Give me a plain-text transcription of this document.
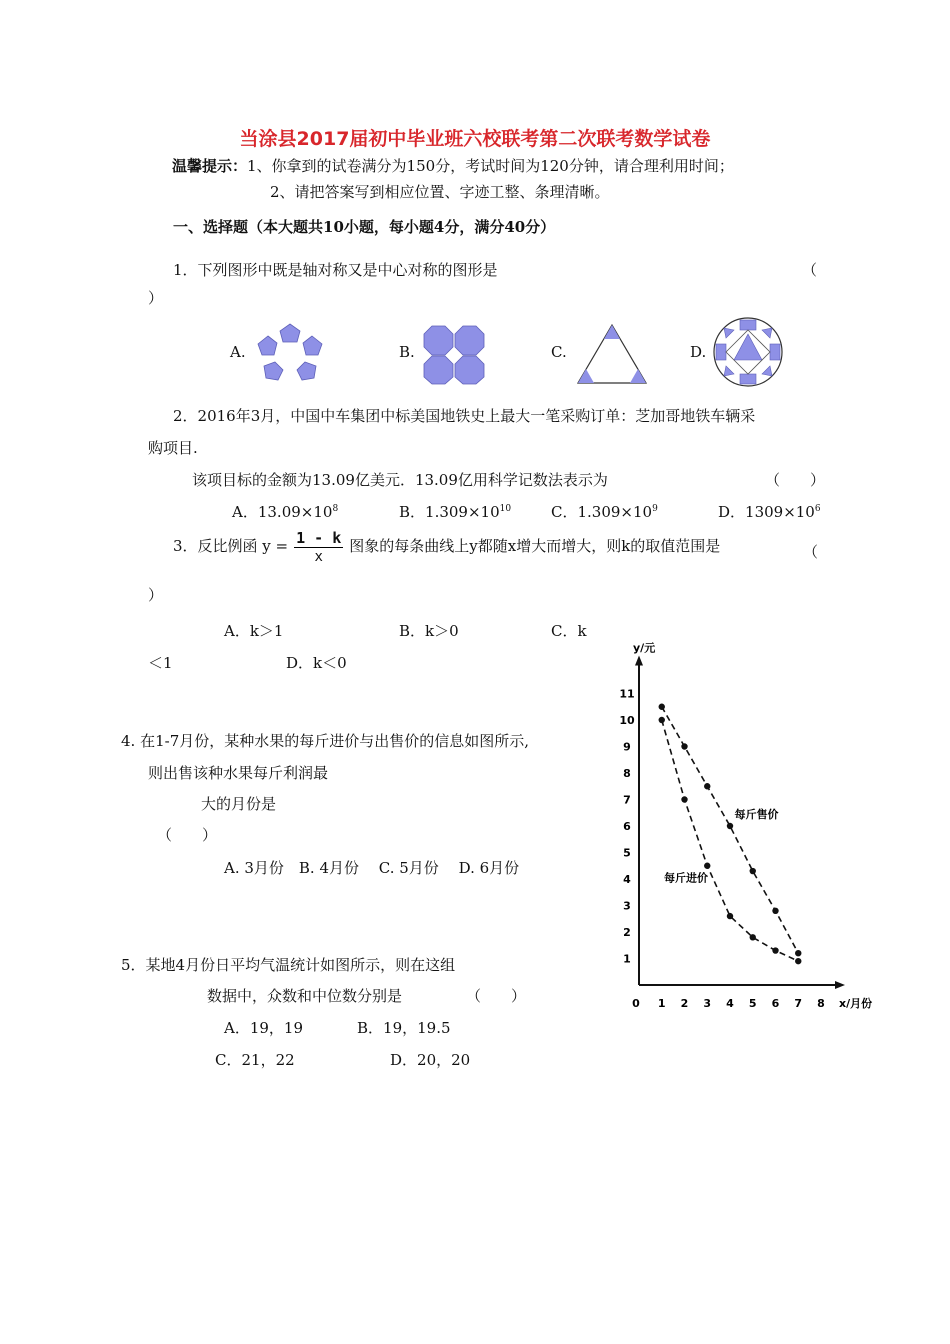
当涂县2017届初中毕业班六校联考第二次联考数学试卷
温馨提示：1、你拿到的试卷满分为150分，考试时间为120分钟，请合理利用时间；
2、请把答案写到相应位置、字迹工整、条理清晰。
一、选择题（本大题共10小题，每小题4分，满分40分）
1．下列图形中既是轴对称又是中心对称的图形是	（
）
A.	B.	C.	D.
2．2016年3月，中国中车集团中标美国地铁史上最大一笔采购订单：芝加哥地铁车辆采
购项目.
该项目标的金额为13.09亿美元．13.09亿用科学记数法表示为	（　　）
A．$13.09\times 10^8$	B．$1.309\times 10^{10}$	C．$1.309\times 10^9$	D．$1309\times 10^6$
3．反比例函 $y = \frac{1 - k}{x}$ 图象的每条曲线上y都随x增大而增大，则k的取值范围是	（
）
A．k＞1	B．k＞0	C．k
＜1	D．k＜0
4. 在1-7月份，某种水果的每斤进价与出售价的信息如图所示,
则出售该种水果每斤利润最
大的月份是
（　　）
A. 3月份　B. 4月份　 C. 5月份　 D. 6月份
5．某地4月份日平均气温统计如图所示，则在这组
数据中，众数和中位数分别是	（　　）
A．19，19	B．19，19.5
C．21，22	D．20，20
y/元
x/月份
0 1 2 3 4 5 6 7 8
1
2
3
4
5
6
7
8
9
10
11
每斤售价
每斤进价
